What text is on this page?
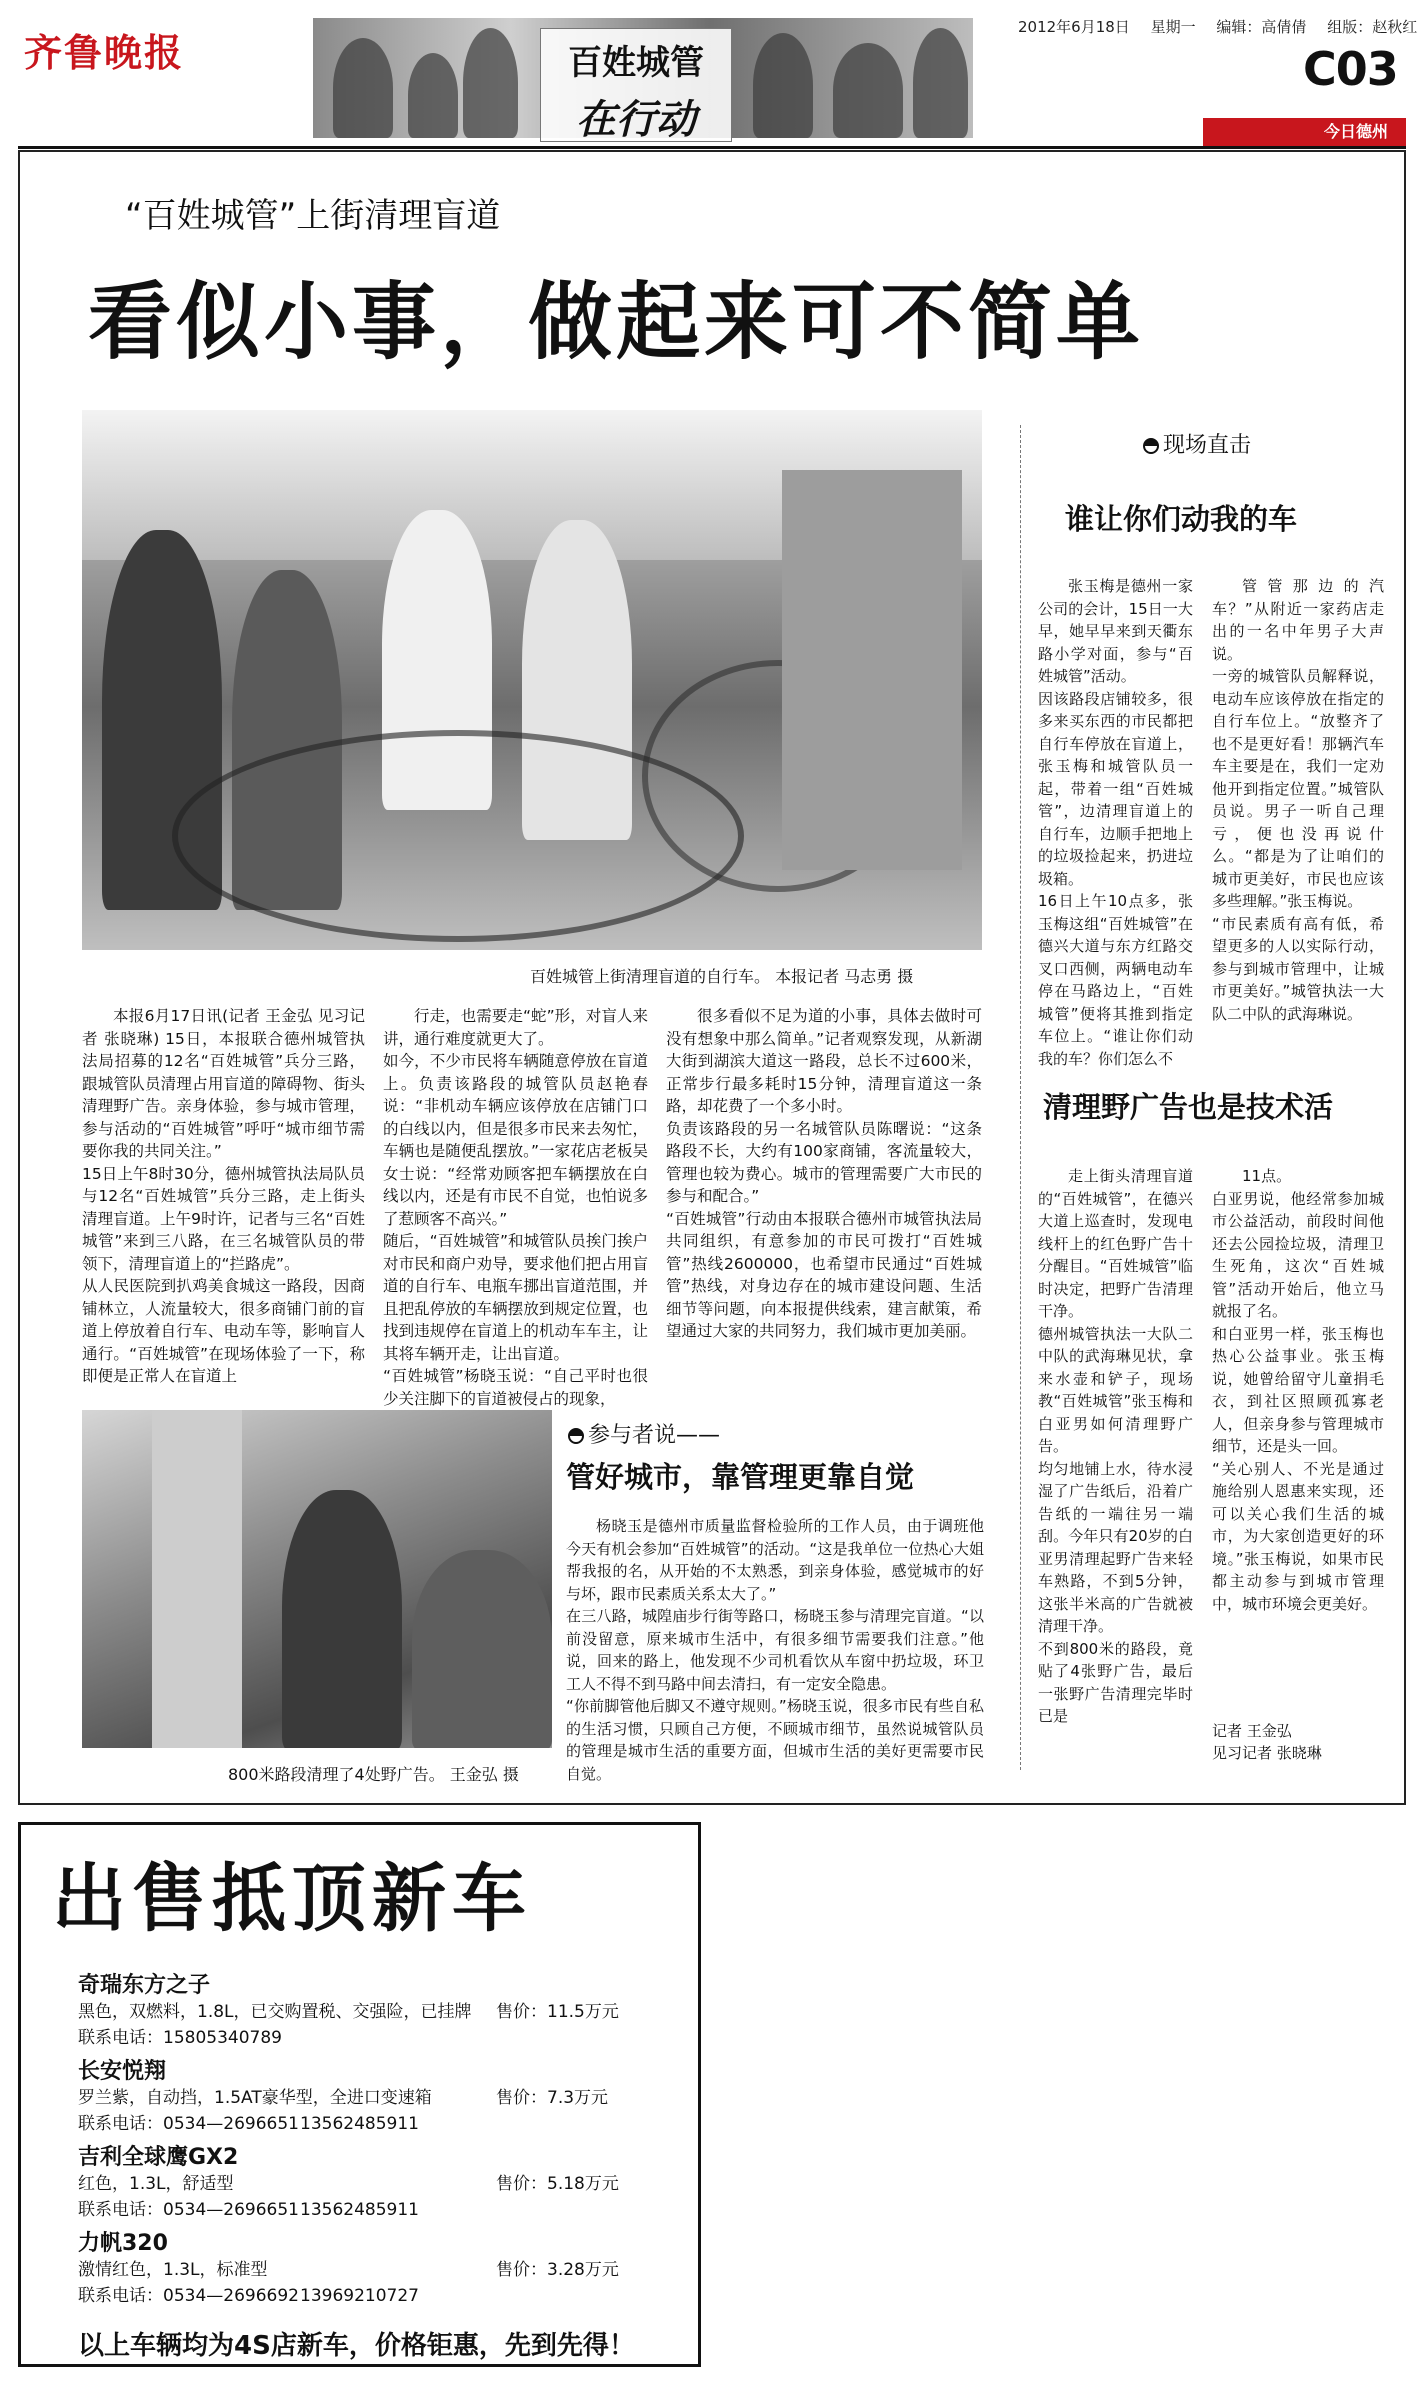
齐鲁晚报	百姓城管
在行动
2012年6月18日 星期一 编辑：高倩倩 组版：赵秋红
C03
今日德州
“百姓城管”上街清理盲道
看似小事，做起来可不简单
百姓城管上街清理盲道的自行车。 本报记者 马志勇 摄
本报6月17日讯(记者 王金弘 见习记者 张晓琳) 15日，本报联合德州城管执法局招募的12名“百姓城管”兵分三路，跟城管队员清理占用盲道的障碍物、街头清理野广告。亲身体验，参与城市管理，参与活动的“百姓城管”呼吁“城市细节需要你我的共同关注。”
15日上午8时30分，德州城管执法局队员与12名“百姓城管”兵分三路，走上街头清理盲道。上午9时许，记者与三名“百姓城管”来到三八路，在三名城管队员的带领下，清理盲道上的“拦路虎”。
从人民医院到扒鸡美食城这一路段，因商铺林立，人流量较大，很多商铺门前的盲道上停放着自行车、电动车等，影响盲人通行。“百姓城管”在现场体验了一下，称即便是正常人在盲道上
行走，也需要走“蛇”形，对盲人来讲，通行难度就更大了。
如今，不少市民将车辆随意停放在盲道上。负责该路段的城管队员赵艳春说：“非机动车辆应该停放在店铺门口的白线以内，但是很多市民来去匆忙，车辆也是随便乱摆放。”一家花店老板吴女士说：“经常劝顾客把车辆摆放在白线以内，还是有市民不自觉，也怕说多了惹顾客不高兴。”
随后，“百姓城管”和城管队员挨门挨户对市民和商户劝导，要求他们把占用盲道的自行车、电瓶车挪出盲道范围，并且把乱停放的车辆摆放到规定位置，也找到违规停在盲道上的机动车车主，让其将车辆开走，让出盲道。
“百姓城管”杨晓玉说：“自己平时也很少关注脚下的盲道被侵占的现象，
很多看似不足为道的小事，具体去做时可没有想象中那么简单。”记者观察发现，从新湖大街到湖滨大道这一路段，总长不过600米，正常步行最多耗时15分钟，清理盲道这一条路，却花费了一个多小时。
负责该路段的另一名城管队员陈曙说：“这条路段不长，大约有100家商铺，客流量较大，管理也较为费心。城市的管理需要广大市民的参与和配合。”
“百姓城管”行动由本报联合德州市城管执法局共同组织，有意参加的市民可拨打“百姓城管”热线2600000，也希望市民通过“百姓城管”热线，对身边存在的城市建设问题、生活细节等问题，向本报提供线索，建言献策，希望通过大家的共同努力，我们城市更加美丽。
现场直击
谁让你们动我的车
张玉梅是德州一家公司的会计，15日一大早，她早早来到天衢东路小学对面，参与“百姓城管”活动。
因该路段店铺较多，很多来买东西的市民都把自行车停放在盲道上，张玉梅和城管队员一起，带着一组“百姓城管”，边清理盲道上的自行车，边顺手把地上的垃圾捡起来，扔进垃圾箱。
16日上午10点多，张玉梅这组“百姓城管”在德兴大道与东方红路交叉口西侧，两辆电动车停在马路边上，“百姓城管”便将其推到指定车位上。“谁让你们动我的车？你们怎么不
管管那边的汽车？”从附近一家药店走出的一名中年男子大声说。
一旁的城管队员解释说，电动车应该停放在指定的自行车位上。“放整齐了也不是更好看！那辆汽车车主要是在，我们一定劝他开到指定位置。”城管队员说。男子一听自己理亏，便也没再说什么。“都是为了让咱们的城市更美好，市民也应该多些理解。”张玉梅说。
“市民素质有高有低，希望更多的人以实际行动，参与到城市管理中，让城市更美好。”城管执法一大队二中队的武海琳说。
清理野广告也是技术活
走上街头清理盲道的“百姓城管”，在德兴大道上巡查时，发现电线杆上的红色野广告十分醒目。“百姓城管”临时决定，把野广告清理干净。
德州城管执法一大队二中队的武海琳见状，拿来水壶和铲子，现场教“百姓城管”张玉梅和白亚男如何清理野广告。
均匀地铺上水，待水浸湿了广告纸后，沿着广告纸的一端往另一端刮。今年只有20岁的白亚男清理起野广告来轻车熟路，不到5分钟，这张半米高的广告就被清理干净。
不到800米的路段，竟贴了4张野广告，最后一张野广告清理完毕时已是
11点。
白亚男说，他经常参加城市公益活动，前段时间他还去公园捡垃圾，清理卫生死角，这次“百姓城管”活动开始后，他立马就报了名。
和白亚男一样，张玉梅也热心公益事业。张玉梅说，她曾给留守儿童捐毛衣，到社区照顾孤寡老人，但亲身参与管理城市细节，还是头一回。
“关心别人、不光是通过施给别人恩惠来实现，还可以关心我们生活的城市，为大家创造更好的环境。”张玉梅说，如果市民都主动参与到城市管理中，城市环境会更美好。
记者 王金弘
见习记者 张晓琳
800米路段清理了4处野广告。 王金弘 摄
参与者说——
管好城市，靠管理更靠自觉
杨晓玉是德州市质量监督检验所的工作人员，由于调班他今天有机会参加“百姓城管”的活动。“这是我单位一位热心大姐帮我报的名，从开始的不太熟悉，到亲身体验，感觉城市的好与坏，跟市民素质关系太大了。”
在三八路，城隍庙步行街等路口，杨晓玉参与清理完盲道。“以前没留意，原来城市生活中，有很多细节需要我们注意。”他说，回来的路上，他发现不少司机看饮从车窗中扔垃圾，环卫工人不得不到马路中间去清扫，有一定安全隐患。
“你前脚管他后脚又不遵守规则。”杨晓玉说，很多市民有些自私的生活习惯，只顾自己方便，不顾城市细节，虽然说城管队员的管理是城市生活的重要方面，但城市生活的美好更需要市民自觉。
出售抵顶新车
奇瑞东方之子
黑色，双燃料，1.8L，已交购置税、交强险，已挂牌 售价：11.5万元
联系电话：15805340789
长安悦翔
罗兰紫，自动挡，1.5AT豪华型，全进口变速箱	售价：7.3万元
联系电话：0534—2696651 13562485911
吉利全球鹰GX2
红色，1.3L，舒适型	售价：5.18万元
联系电话：0534—2696651 13562485911
力帆320
激情红色，1.3L，标准型	售价：3.28万元
联系电话：0534—2696692 13969210727
以上车辆均为4S店新车，价格钜惠，先到先得！
